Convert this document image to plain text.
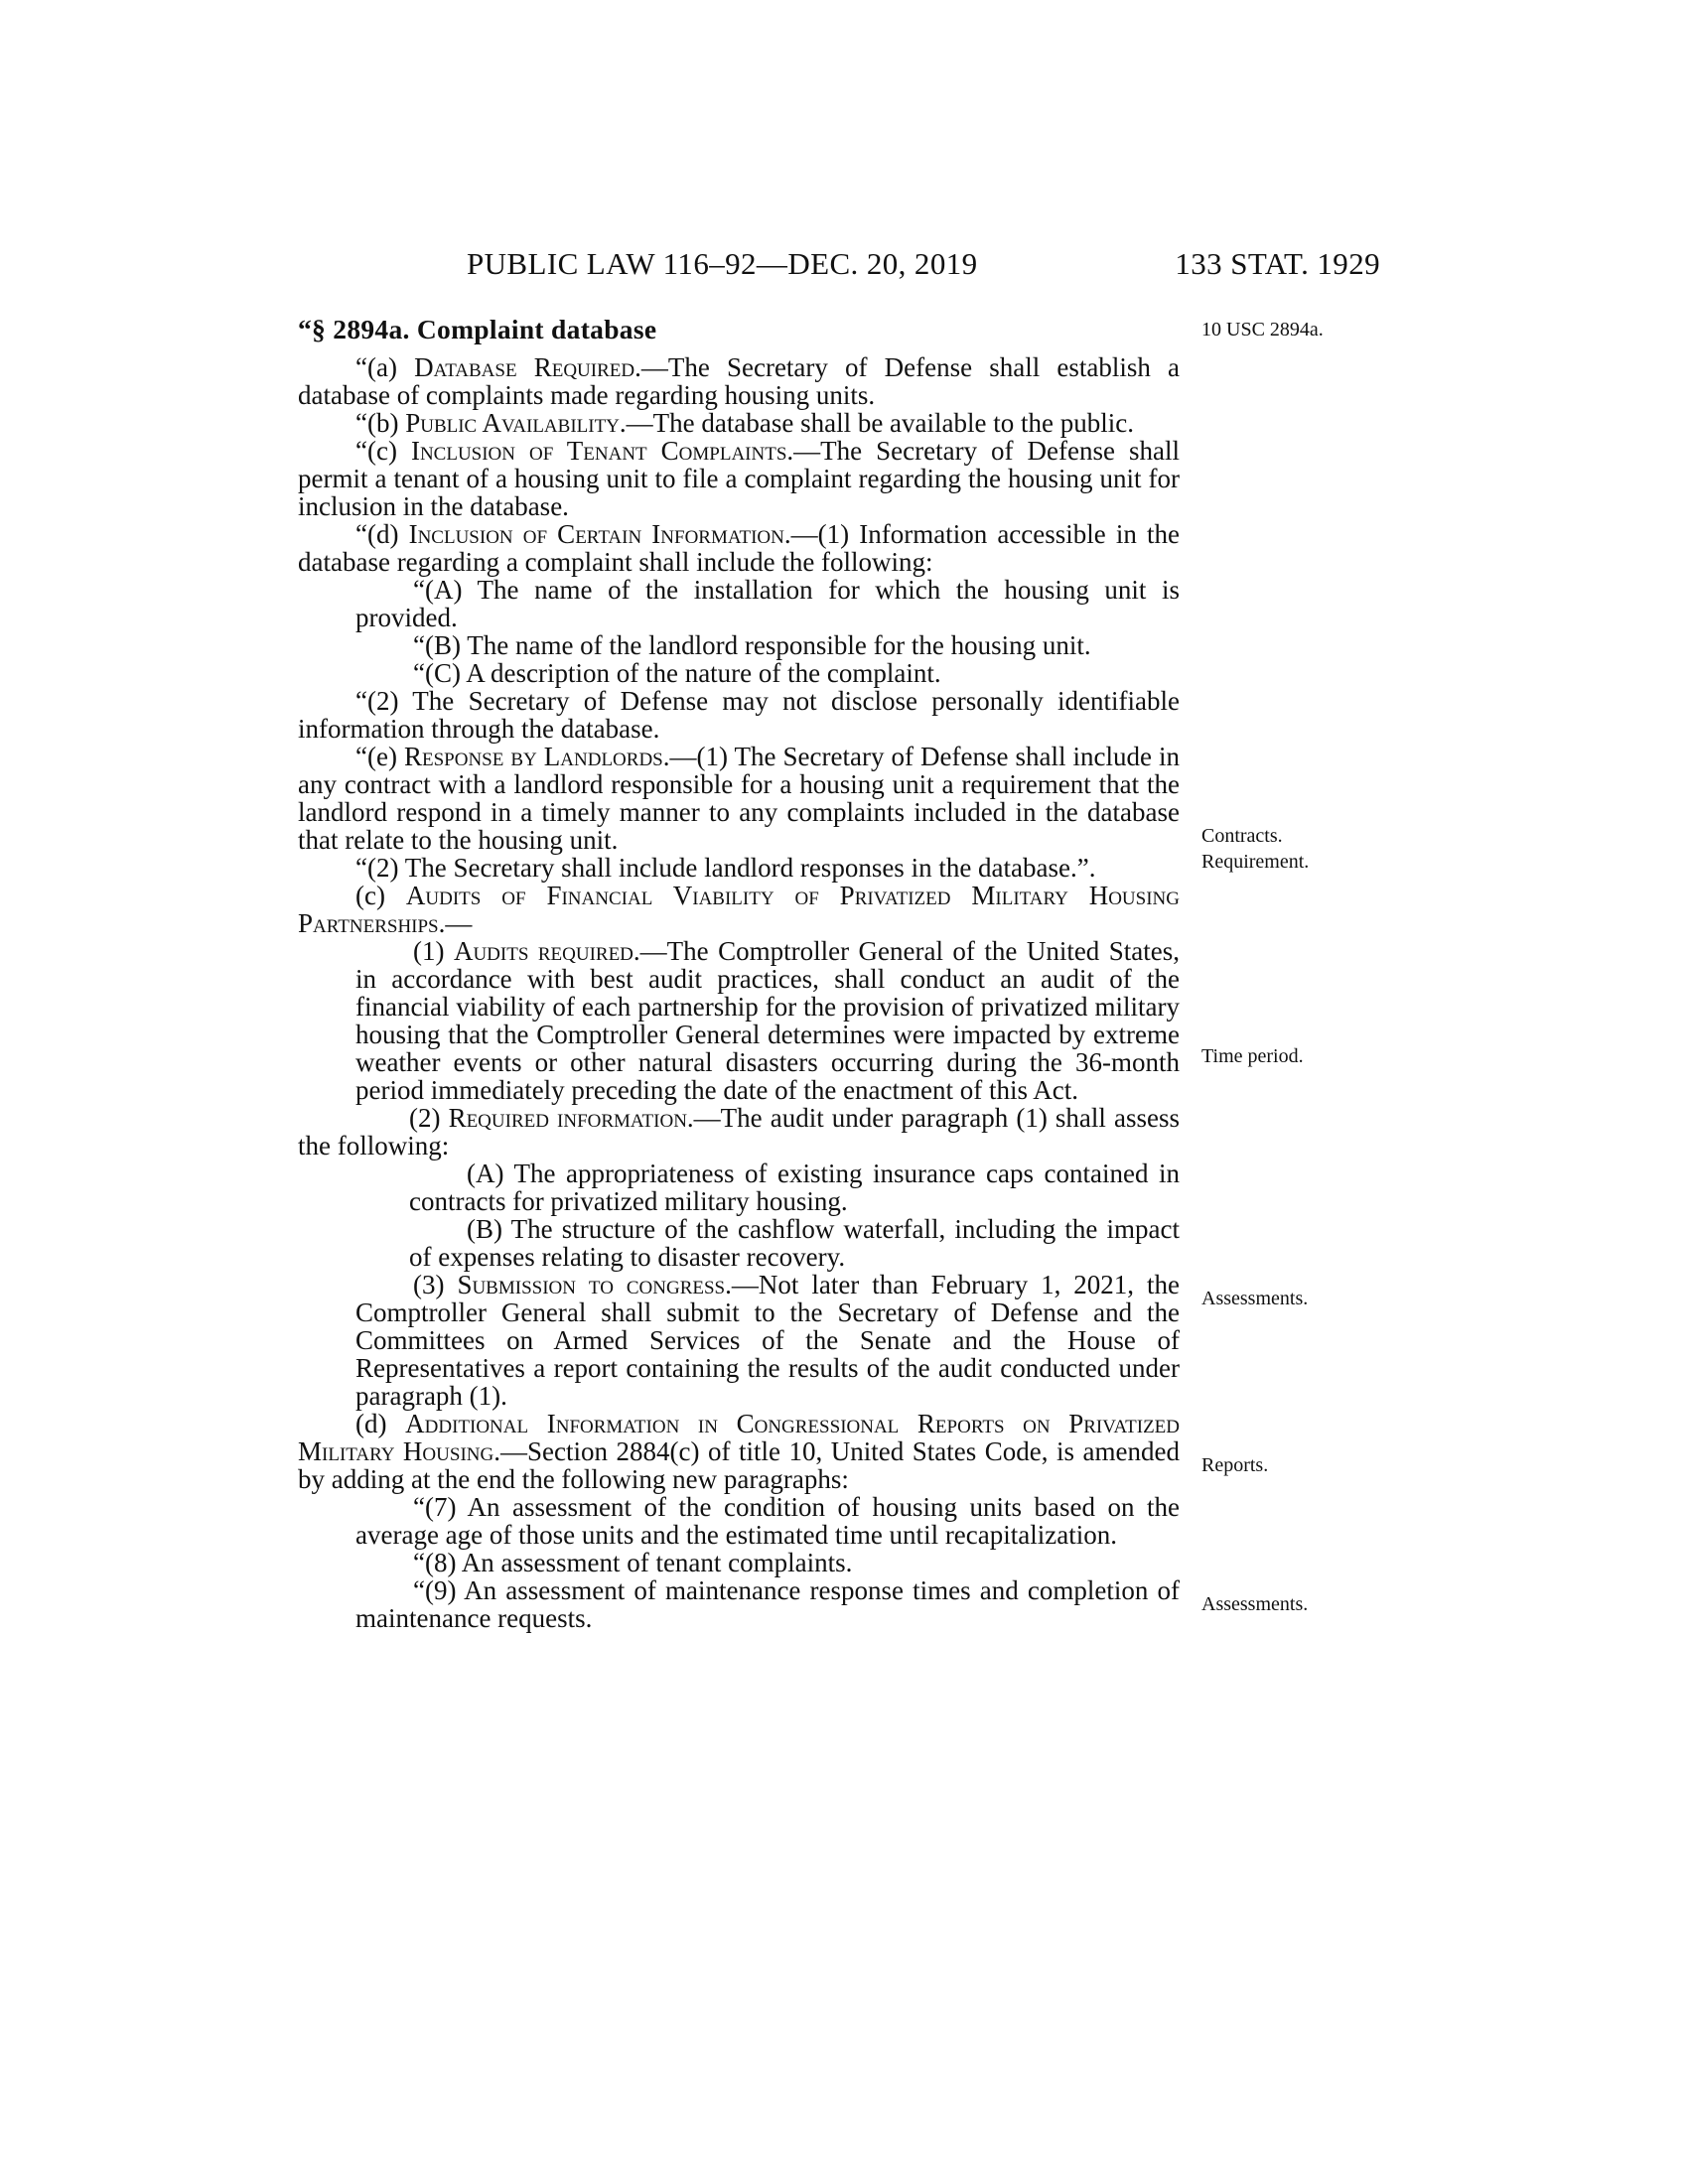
PUBLIC LAW 116–92—DEC. 20, 2019	133 STAT. 1929
10 USC 2894a.
Contracts.
Requirement.
Time period.
Assessments.
Reports.
Assessments.

“§ 2894a. Complaint database

“(a) Database Required.—The Secretary of Defense shall establish a database of complaints made regarding housing units.

“(b) Public Availability.—The database shall be available to the public.

“(c) Inclusion of Tenant Complaints.—The Secretary of Defense shall permit a tenant of a housing unit to file a complaint regarding the housing unit for inclusion in the database.

“(d) Inclusion of Certain Information.—(1) Information accessible in the database regarding a complaint shall include the following:

“(A) The name of the installation for which the housing unit is provided.

“(B) The name of the landlord responsible for the housing unit.

“(C) A description of the nature of the complaint.

“(2) The Secretary of Defense may not disclose personally identifiable information through the database.

“(e) Response by Landlords.—(1) The Secretary of Defense shall include in any contract with a landlord responsible for a housing unit a requirement that the landlord respond in a timely manner to any complaints included in the database that relate to the housing unit.

“(2) The Secretary shall include landlord responses in the database.”.

(c) Audits of Financial Viability of Privatized Military Housing Partnerships.—

(1) Audits required.—The Comptroller General of the United States, in accordance with best audit practices, shall conduct an audit of the financial viability of each partnership for the provision of privatized military housing that the Comptroller General determines were impacted by extreme weather events or other natural disasters occurring during the 36-month period immediately preceding the date of the enactment of this Act.

(2) Required information.—The audit under paragraph (1) shall assess the following:

(A) The appropriateness of existing insurance caps contained in contracts for privatized military housing.

(B) The structure of the cashflow waterfall, including the impact of expenses relating to disaster recovery.

(3) Submission to congress.—Not later than February 1, 2021, the Comptroller General shall submit to the Secretary of Defense and the Committees on Armed Services of the Senate and the House of Representatives a report containing the results of the audit conducted under paragraph (1).

(d) Additional Information in Congressional Reports on Privatized Military Housing.—Section 2884(c) of title 10, United States Code, is amended by adding at the end the following new paragraphs:

“(7) An assessment of the condition of housing units based on the average age of those units and the estimated time until recapitalization.

“(8) An assessment of tenant complaints.

“(9) An assessment of maintenance response times and completion of maintenance requests.
